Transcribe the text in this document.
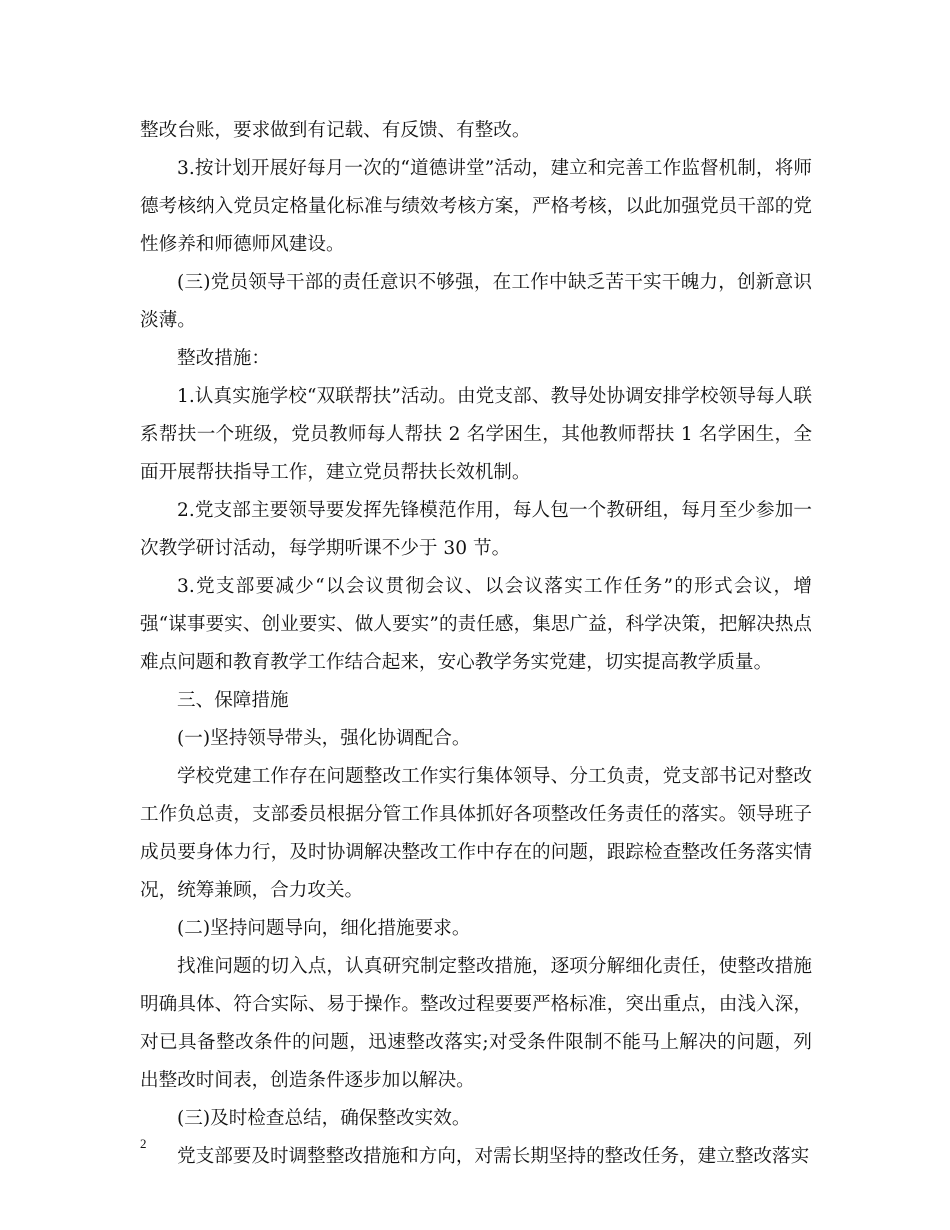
整改台账，要求做到有记载、有反馈、有整改。

3.按计划开展好每月一次的“道德讲堂”活动，建立和完善工作监督机制，将师德考核纳入党员定格量化标准与绩效考核方案，严格考核，以此加强党员干部的党性修养和师德师风建设。

(三)党员领导干部的责任意识不够强，在工作中缺乏苦干实干魄力，创新意识淡薄。

整改措施：

1.认真实施学校“双联帮扶”活动。由党支部、教导处协调安排学校领导每人联系帮扶一个班级，党员教师每人帮扶 2 名学困生，其他教师帮扶 1 名学困生，全面开展帮扶指导工作，建立党员帮扶长效机制。

2.党支部主要领导要发挥先锋模范作用，每人包一个教研组，每月至少参加一次教学研讨活动，每学期听课不少于 30 节。

3.党支部要减少“以会议贯彻会议、以会议落实工作任务”的形式会议，增强“谋事要实、创业要实、做人要实”的责任感，集思广益，科学决策，把解决热点难点问题和教育教学工作结合起来，安心教学务实党建，切实提高教学质量。

三、保障措施

(一)坚持领导带头，强化协调配合。

学校党建工作存在问题整改工作实行集体领导、分工负责，党支部书记对整改工作负总责，支部委员根据分管工作具体抓好各项整改任务责任的落实。领导班子成员要身体力行，及时协调解决整改工作中存在的问题，跟踪检查整改任务落实情况，统筹兼顾，合力攻关。

(二)坚持问题导向，细化措施要求。

找准问题的切入点，认真研究制定整改措施，逐项分解细化责任，使整改措施明确具体、符合实际、易于操作。整改过程要要严格标准，突出重点，由浅入深，对已具备整改条件的问题，迅速整改落实;对受条件限制不能马上解决的问题，列出整改时间表，创造条件逐步加以解决。

(三)及时检查总结，确保整改实效。

党支部要及时调整整改措施和方向，对需长期坚持的整改任务，建立整改落实

2
